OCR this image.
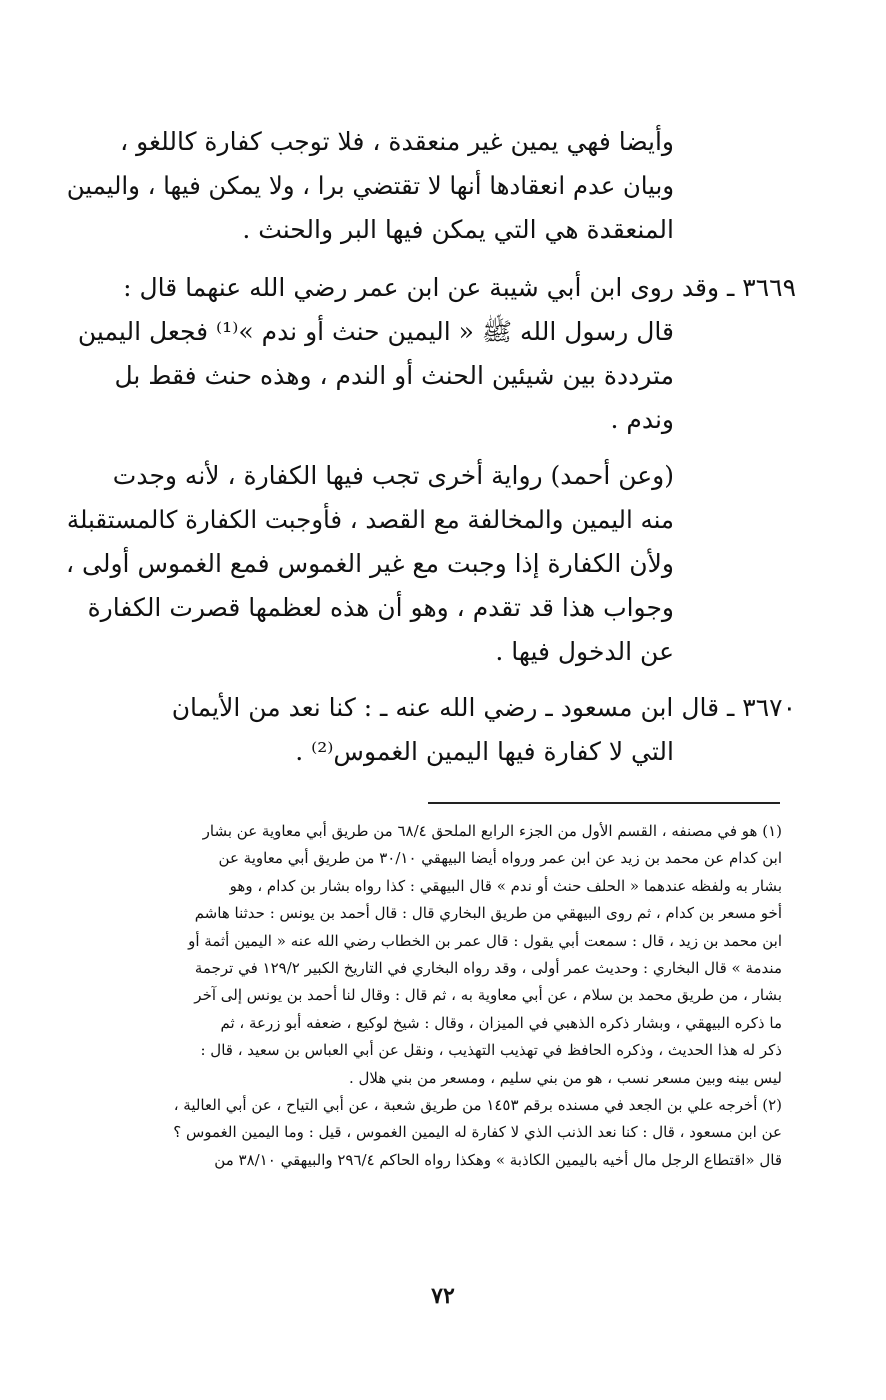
وأيضا فهي يمين غير منعقدة ، فلا توجب كفارة كاللغو ،
وبيان عدم انعقادها أنها لا تقتضي برا ، ولا يمكن فيها ، واليمين
المنعقدة هي التي يمكن فيها البر والحنث .
٣٦٦٩ ـ وقد روى ابن أبي شيبة عن ابن عمر رضي الله عنهما قال :
قال رسول الله ﷺ « اليمين حنث أو ندم »⁽¹⁾ فجعل اليمين
مترددة بين شيئين الحنث أو الندم ، وهذه حنث فقط بل
وندم .
(وعن أحمد) رواية أخرى تجب فيها الكفارة ، لأنه وجدت
منه اليمين والمخالفة مع القصد ، فأوجبت الكفارة كالمستقبلة
ولأن الكفارة إذا وجبت مع غير الغموس فمع الغموس أولى ،
وجواب هذا قد تقدم ، وهو أن هذه لعظمها قصرت الكفارة
عن الدخول فيها .
٣٦٧٠ ـ قال ابن مسعود ـ رضي الله عنه ـ : كنا نعد من الأيمان
التي لا كفارة فيها اليمين الغموس⁽²⁾ .
(١) هو في مصنفه ، القسم الأول من الجزء الرابع الملحق ٦٨/٤ من طريق أبي معاوية عن بشار
ابن كدام عن محمد بن زيد عن ابن عمر ورواه أيضا البيهقي ٣٠/١٠ من طريق أبي معاوية عن
بشار به ولفظه عندهما « الحلف حنث أو ندم » قال البيهقي : كذا رواه بشار بن كدام ، وهو
أخو مسعر بن كدام ، ثم روى البيهقي من طريق البخاري قال : قال أحمد بن يونس : حدثنا هاشم
ابن محمد بن زيد ، قال : سمعت أبي يقول : قال عمر بن الخطاب رضي الله عنه « اليمين أثمة أو
مندمة » قال البخاري : وحديث عمر أولى ، وقد رواه البخاري في التاريخ الكبير ١٢٩/٢ في ترجمة
بشار ، من طريق محمد بن سلام ، عن أبي معاوية به ، ثم قال : وقال لنا أحمد بن يونس إلى آخر
ما ذكره البيهقي ، وبشار ذكره الذهبي في الميزان ، وقال : شيخ لوكيع ، ضعفه أبو زرعة ، ثم
ذكر له هذا الحديث ، وذكره الحافظ في تهذيب التهذيب ، ونقل عن أبي العباس بن سعيد ، قال :
ليس بينه وبين مسعر نسب ، هو من بني سليم ، ومسعر من بني هلال .
(٢) أخرجه علي بن الجعد في مسنده برقم ١٤٥٣ من طريق شعبة ، عن أبي التياح ، عن أبي العالية ،
عن ابن مسعود ، قال : كنا نعد الذنب الذي لا كفارة له اليمين الغموس ، قيل : وما اليمين الغموس ؟
قال «اقتطاع الرجل مال أخيه باليمين الكاذبة » وهكذا رواه الحاكم ٢٩٦/٤ والبيهقي ٣٨/١٠ من
٧٢
